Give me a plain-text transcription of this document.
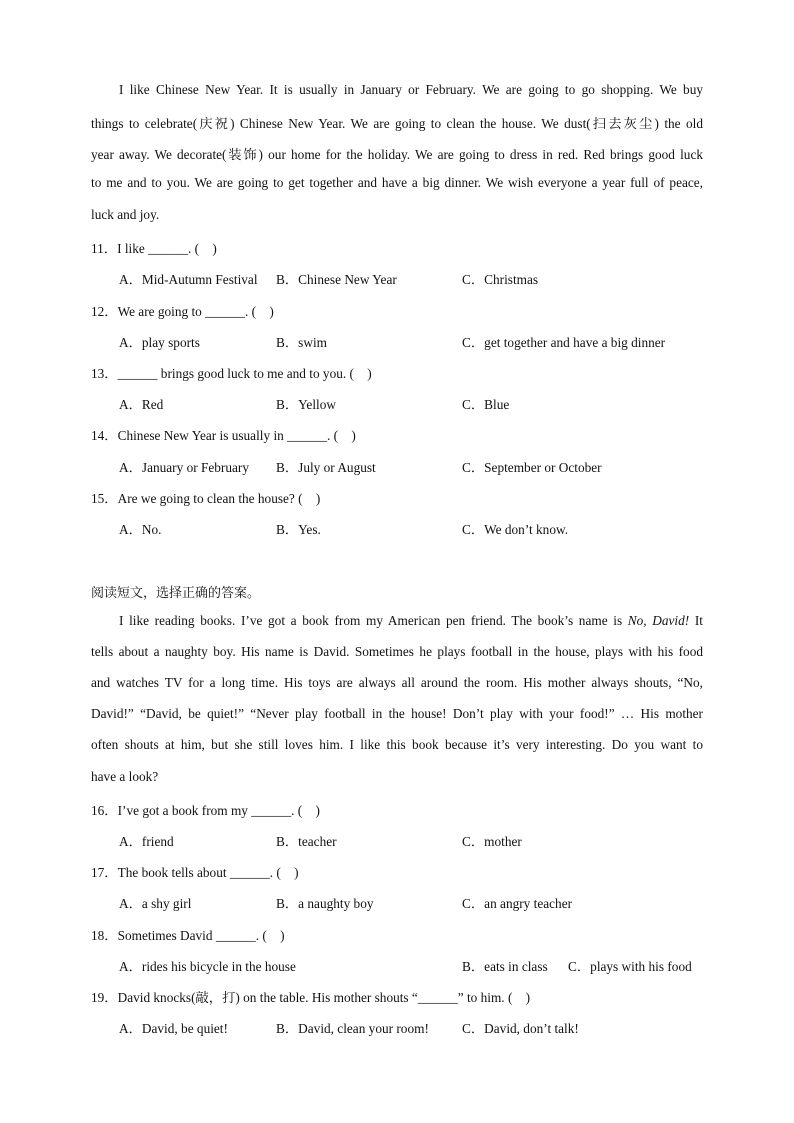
I like Chinese New Year. It is usually in January or February. We are going to go shopping. We buy
things to celebrate(庆祝) Chinese New Year. We are going to clean the house. We dust(扫去灰尘) the old
year away. We decorate(装饰) our home for the holiday. We are going to dress in red. Red brings good luck
to me and to you. We are going to get together and have a big dinner. We wish everyone a year full of peace,
luck and joy.
11．I like ______. (　)
A．Mid-Autumn Festival B．Chinese New Year	C．Christmas
12．We are going to ______. (　)
A．play sports	B．swim	C．get together and have a big dinner
13．______ brings good luck to me and to you. (　)
A．Red	B．Yellow	C．Blue
14．Chinese New Year is usually in ______. (　)
A．January or February B．July or August	C．September or October
15．Are we going to clean the house? (　)
A．No.	B．Yes.	C．We don’t know.
阅读短文，选择正确的答案。
I like reading books. I’ve got a book from my American pen friend. The book’s name is No, David! It
tells about a naughty boy. His name is David. Sometimes he plays football in the house, plays with his food
and watches TV for a long time. His toys are always all around the room. His mother always shouts, “No,
David!” “David, be quiet!” “Never play football in the house! Don’t play with your food!” … His mother
often shouts at him, but she still loves him. I like this book because it’s very interesting. Do you want to
have a look?
16．I’ve got a book from my ______. (　)
A．friend	B．teacher	C．mother
17．The book tells about ______. (　)
A．a shy girl	B．a naughty boy	C．an angry teacher
18．Sometimes David ______. (　)
A．rides his bicycle in the house	B．eats in class C．plays with his food
19．David knocks(敲，打) on the table. His mother shouts “______” to him. (　)
A．David, be quiet!	B．David, clean your room! C．David, don’t talk!
